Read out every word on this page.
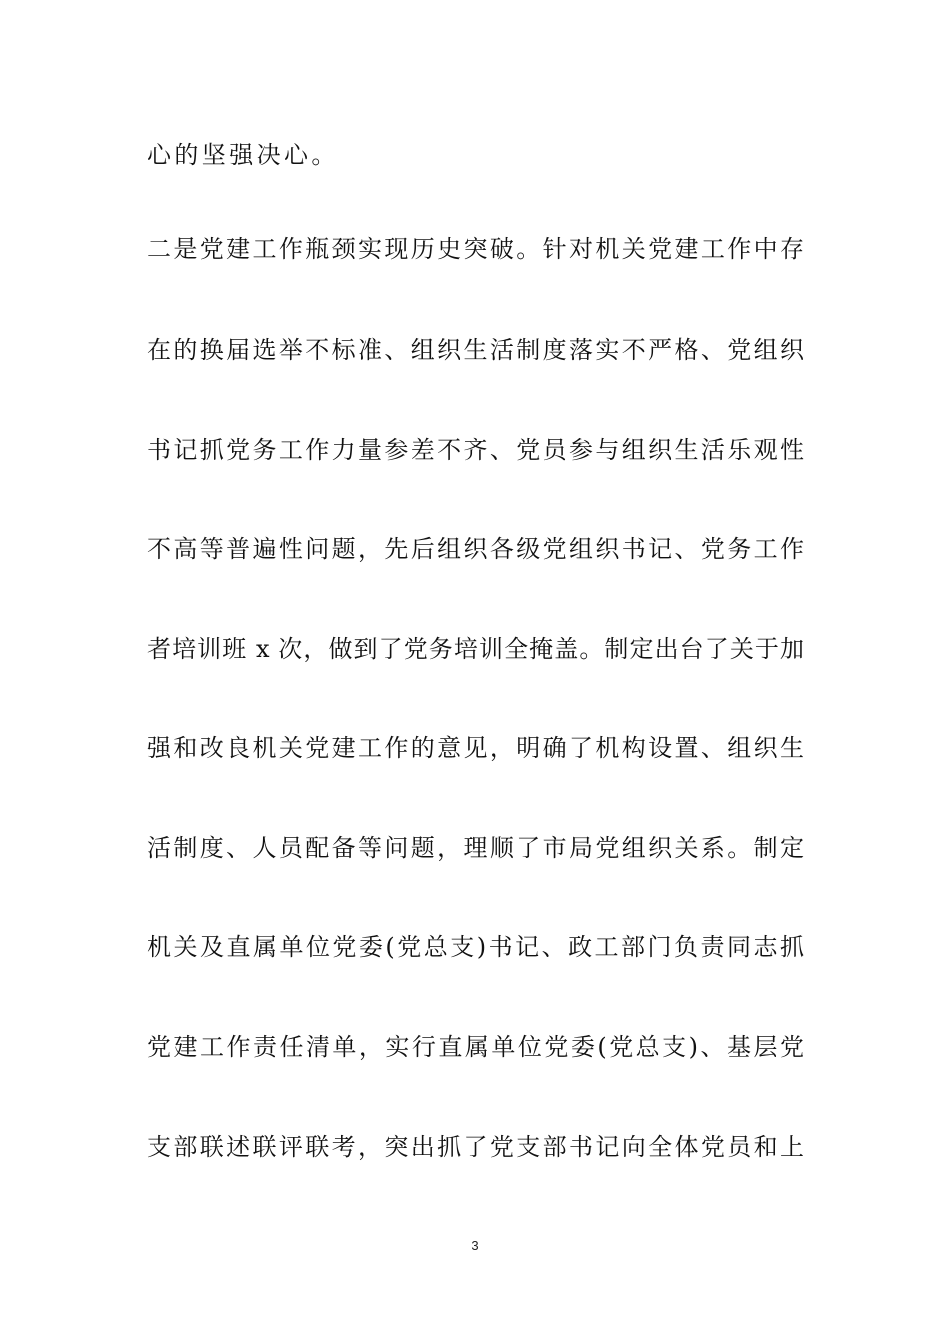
心的坚强决心。
二是党建工作瓶颈实现历史突破。针对机关党建工作中存
在的换届选举不标准、组织生活制度落实不严格、党组织
书记抓党务工作力量参差不齐、党员参与组织生活乐观性
不高等普遍性问题，先后组织各级党组织书记、党务工作
者培训班 x 次，做到了党务培训全掩盖。制定出台了关于加
强和改良机关党建工作的意见，明确了机构设置、组织生
活制度、人员配备等问题，理顺了市局党组织关系。制定
机关及直属单位党委(党总支)书记、政工部门负责同志抓
党建工作责任清单，实行直属单位党委(党总支)、基层党
支部联述联评联考，突出抓了党支部书记向全体党员和上
3
